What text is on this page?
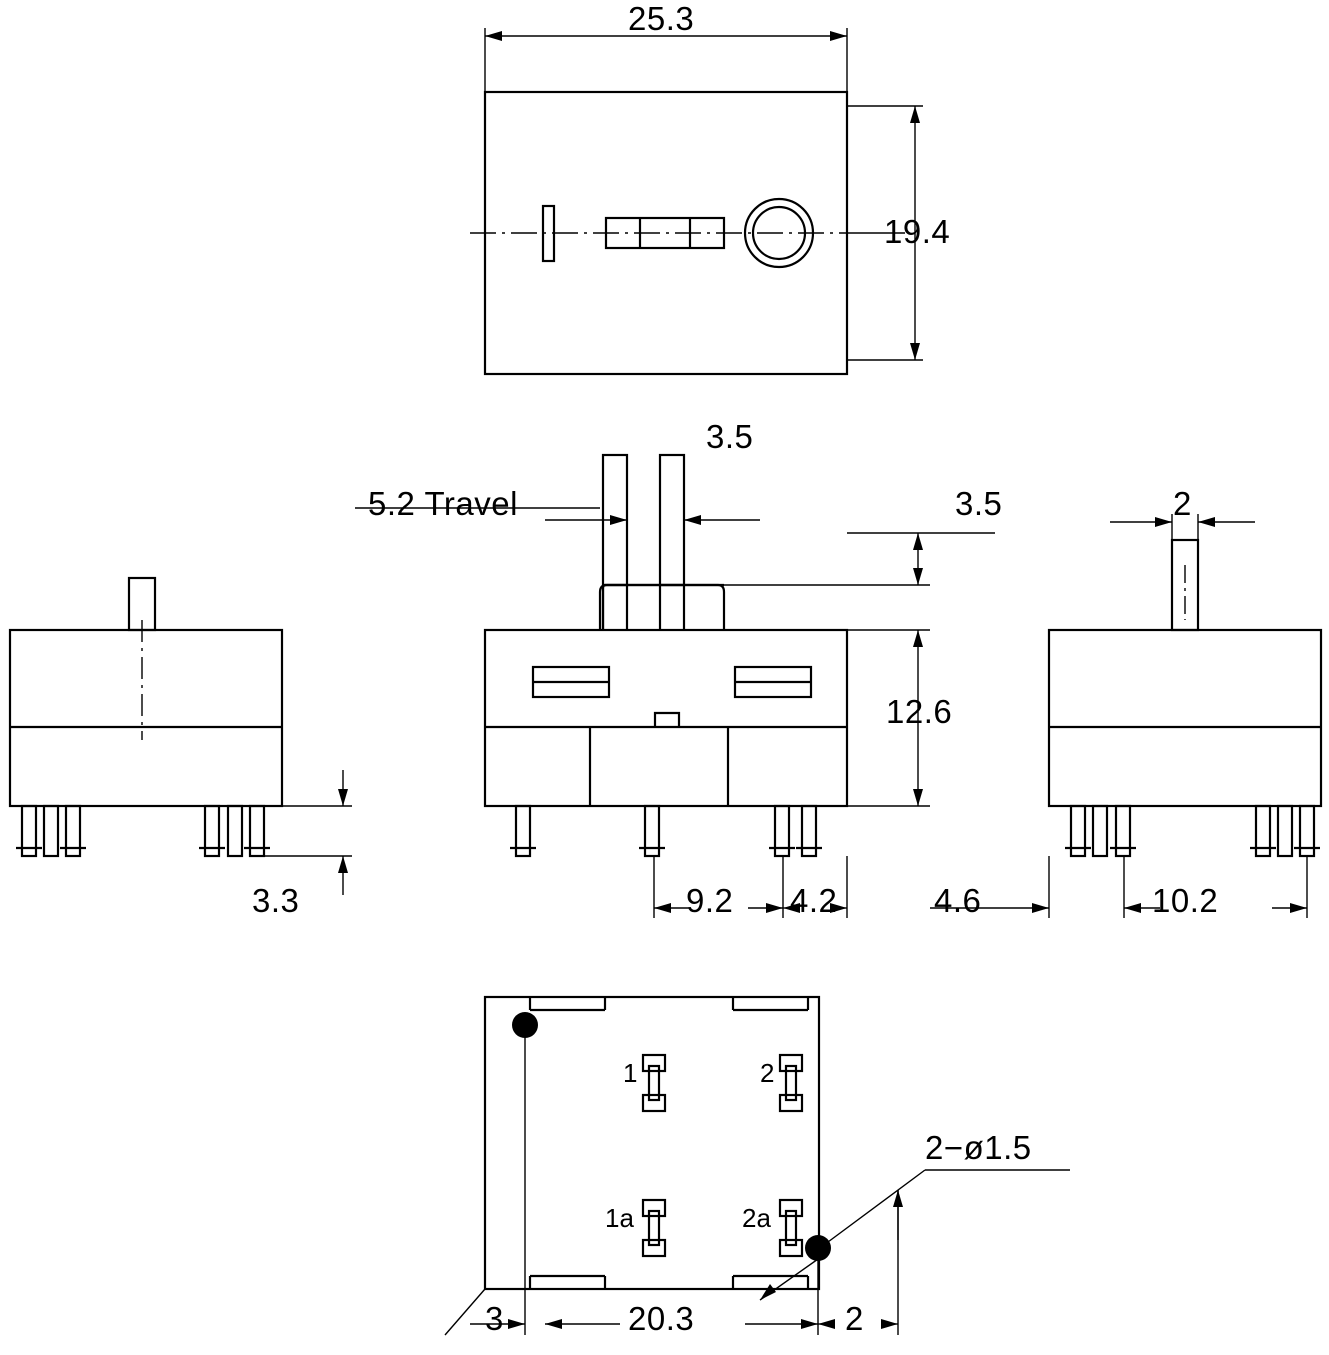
25.3
19.4
3.5
5.2 Travel	3.5	2
12.6
3.3	9.2 4.2	4.6	10.2
2−ø1.5
3	20.3	2
1	2
1a	2a
